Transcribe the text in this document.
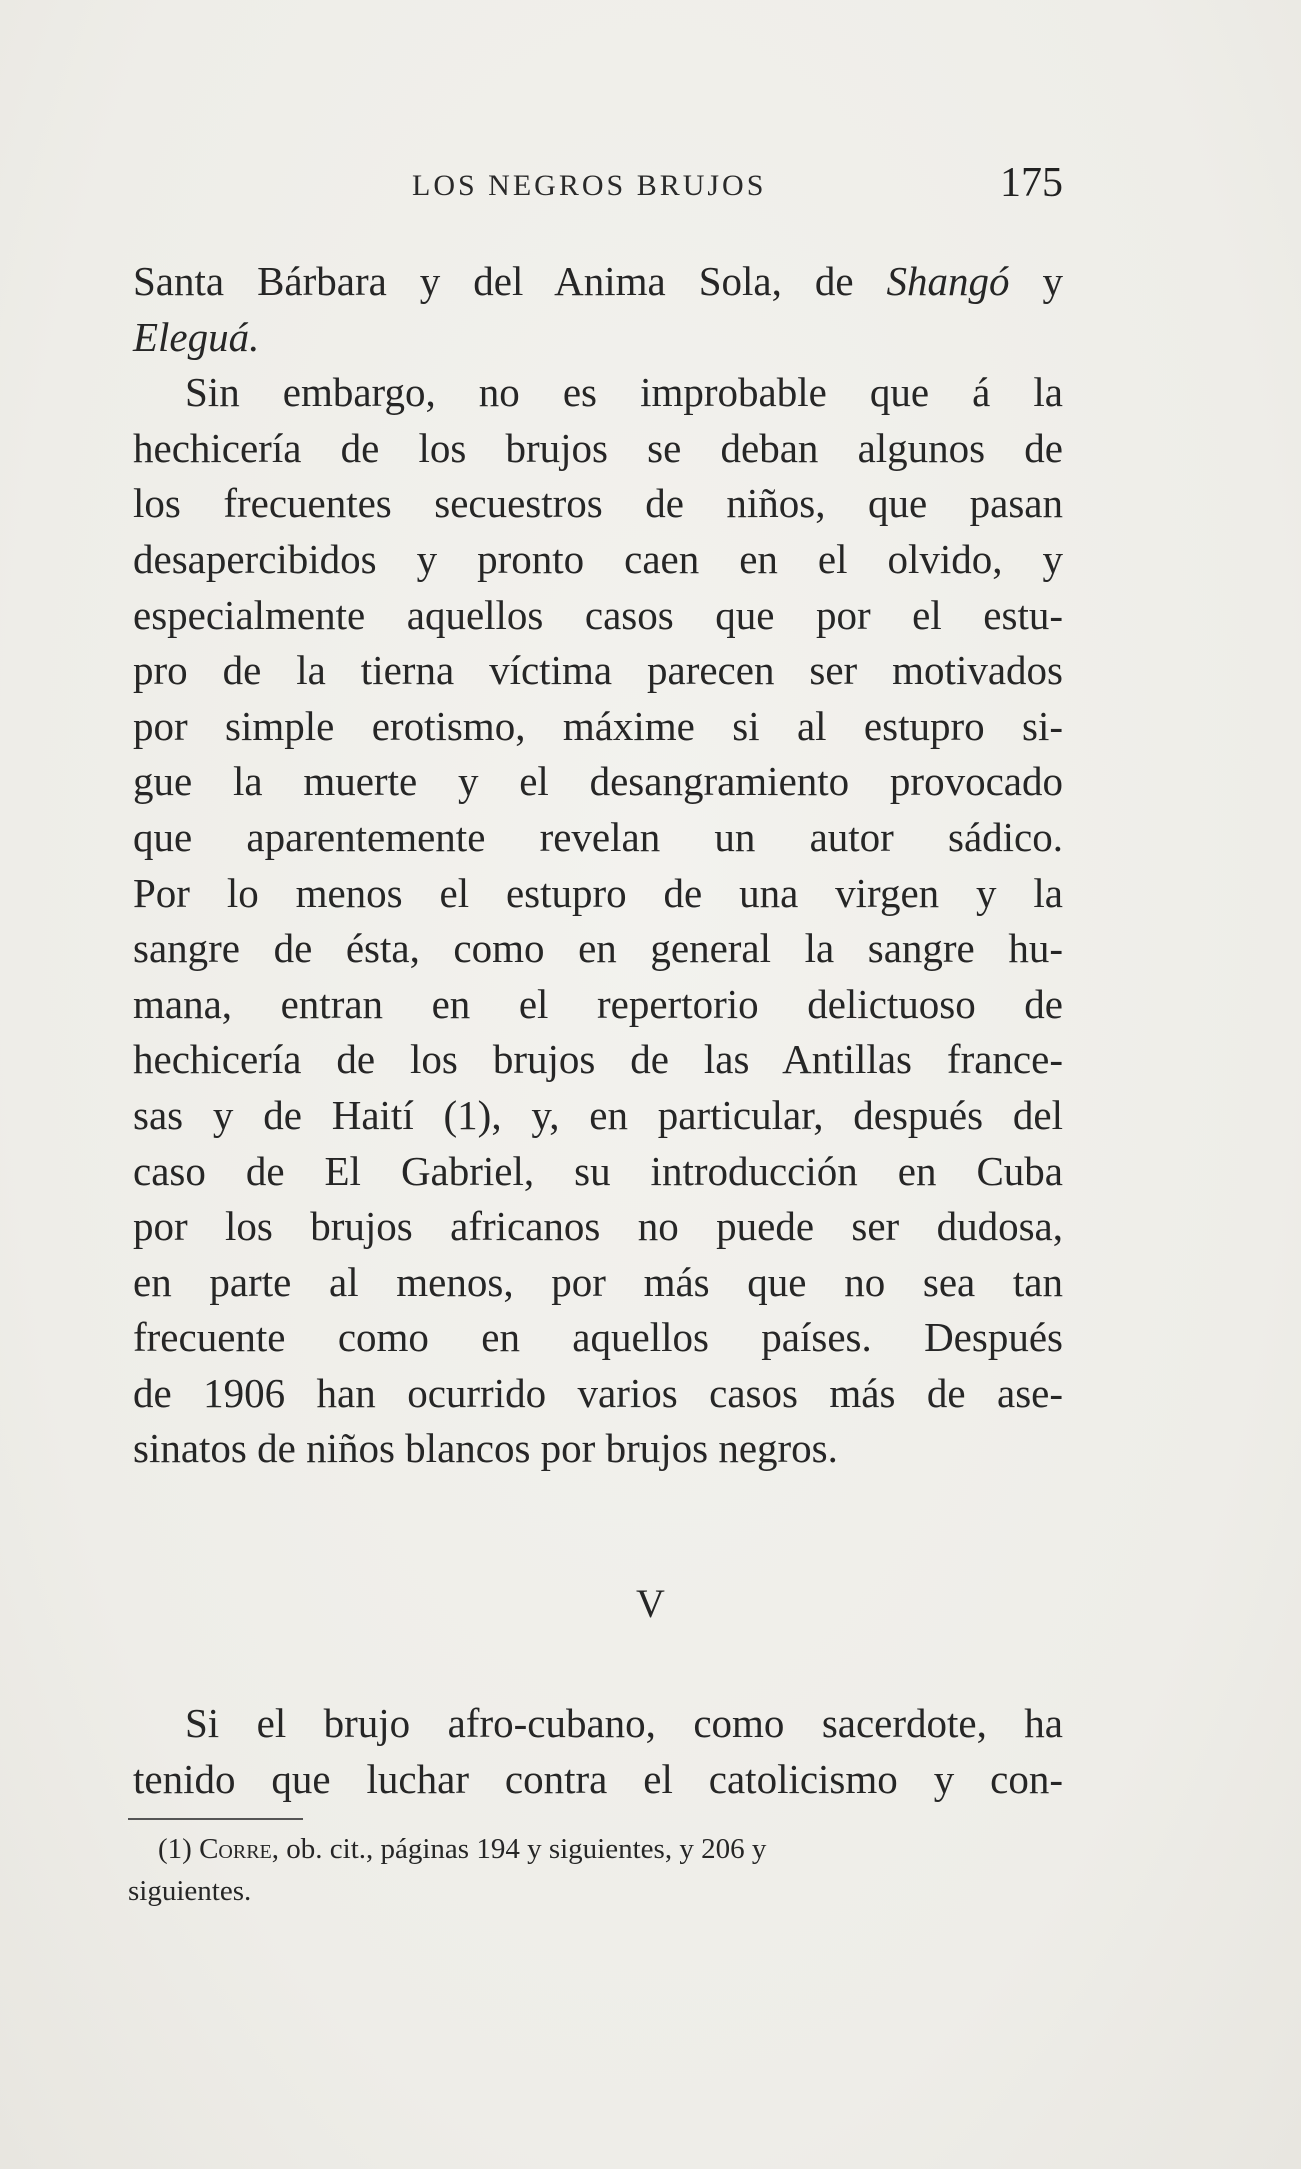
LOS NEGROS BRUJOS	175
Santa Bárbara y del Anima Sola, de Shangó y
Eleguá.
Sin embargo, no es improbable que á la
hechicería de los brujos se deban algunos de
los frecuentes secuestros de niños, que pasan
desapercibidos y pronto caen en el olvido, y
especialmente aquellos casos que por el estu-
pro de la tierna víctima parecen ser motivados
por simple erotismo, máxime si al estupro si-
gue la muerte y el desangramiento provocado
que aparentemente revelan un autor sádico.
Por lo menos el estupro de una virgen y la
sangre de ésta, como en general la sangre hu-
mana, entran en el repertorio delictuoso de
hechicería de los brujos de las Antillas france-
sas y de Haití (1), y, en particular, después del
caso de El Gabriel, su introducción en Cuba
por los brujos africanos no puede ser dudosa,
en parte al menos, por más que no sea tan
frecuente como en aquellos países. Después
de 1906 han ocurrido varios casos más de ase-
sinatos de niños blancos por brujos negros.
V
Si el brujo afro-cubano, como sacerdote, ha
tenido que luchar contra el catolicismo y con-
(1) Corre, ob. cit., páginas 194 y siguientes, y 206 y
siguientes.
